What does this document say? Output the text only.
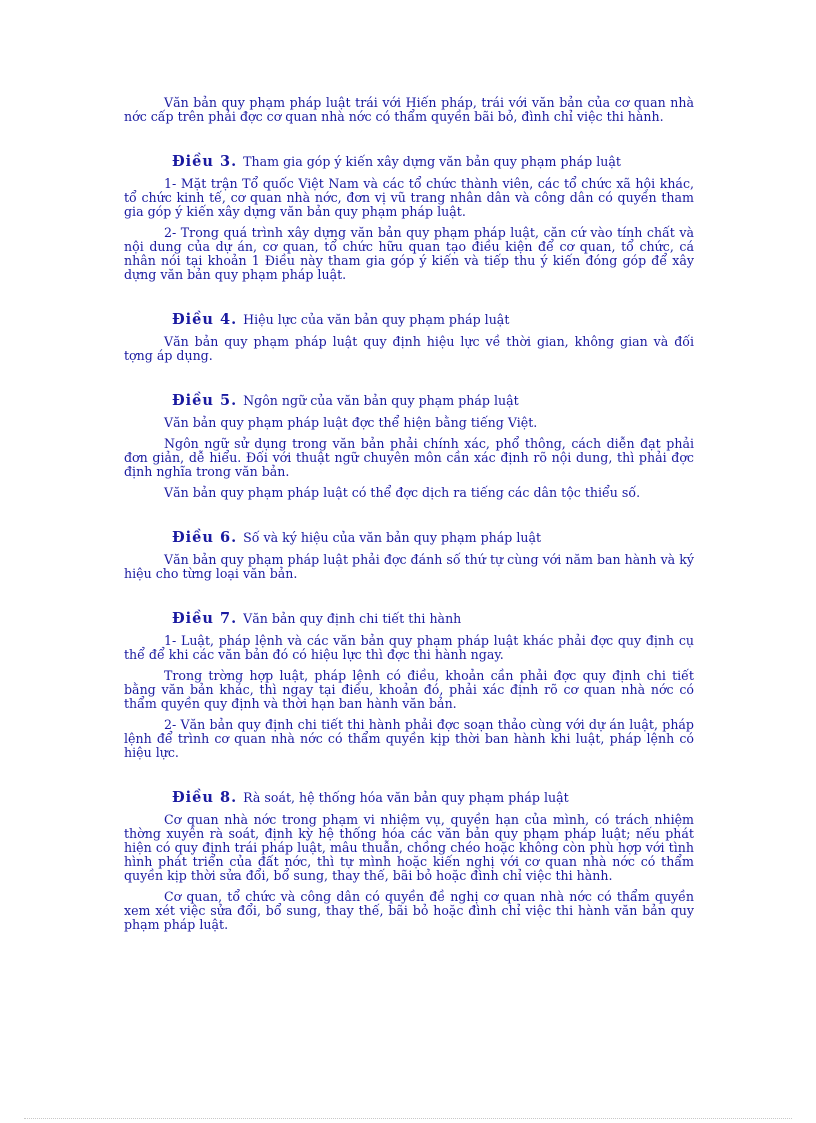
Văn bản quy phạm pháp luật trái với Hiến pháp, trái với văn bản của cơ quan nhà nớc cấp trên phải đợc cơ quan nhà nớc có thẩm quyền bãi bỏ, đình chỉ việc thi hành.

Điều 3. Tham gia góp ý kiến xây dựng văn bản quy phạm pháp luật

1- Mặt trận Tổ quốc Việt Nam và các tổ chức thành viên, các tổ chức xã hội khác, tổ chức kinh tế, cơ quan nhà nớc, đơn vị vũ trang nhân dân và công dân có quyền tham gia góp ý kiến xây dựng văn bản quy phạm pháp luật.

2- Trong quá trình xây dựng văn bản quy phạm pháp luật, căn cứ vào tính chất và nội dung của dự án, cơ quan, tổ chức hữu quan tạo điều kiện để cơ quan, tổ chức, cá nhân nói tại khoản 1 Điều này tham gia góp ý kiến và tiếp thu ý kiến đóng góp để xây dựng văn bản quy phạm pháp luật.

Điều 4. Hiệu lực của văn bản quy phạm pháp luật

Văn bản quy phạm pháp luật quy định hiệu lực về thời gian, không gian và đối tợng áp dụng.

Điều 5. Ngôn ngữ của văn bản quy phạm pháp luật

Văn bản quy phạm pháp luật đợc thể hiện bằng tiếng Việt.

Ngôn ngữ sử dụng trong văn bản phải chính xác, phổ thông, cách diễn đạt phải đơn giản, dễ hiểu. Đối với thuật ngữ chuyên môn cần xác định rõ nội dung, thì phải đợc định nghĩa trong văn bản.

Văn bản quy phạm pháp luật có thể đợc dịch ra tiếng các dân tộc thiểu số.

Điều 6. Số và ký hiệu của văn bản quy phạm pháp luật

Văn bản quy phạm pháp luật phải đợc đánh số thứ tự cùng với năm ban hành và ký hiệu cho từng loại văn bản.

Điều 7. Văn bản quy định chi tiết thi hành

1- Luật, pháp lệnh và các văn bản quy phạm pháp luật khác phải đợc quy định cụ thể để khi các văn bản đó có hiệu lực thì đợc thi hành ngay.

Trong trờng hợp luật, pháp lệnh có điều, khoản cần phải đợc quy định chi tiết bằng văn bản khác, thì ngay tại điều, khoản đó, phải xác định rõ cơ quan nhà nớc có thẩm quyền quy định và thời hạn ban hành văn bản.

2- Văn bản quy định chi tiết thi hành phải đợc soạn thảo cùng với dự án luật, pháp lệnh để trình cơ quan nhà nớc có thẩm quyền kịp thời ban hành khi luật, pháp lệnh có hiệu lực.

Điều 8. Rà soát, hệ thống hóa văn bản quy phạm pháp luật

Cơ quan nhà nớc trong phạm vi nhiệm vụ, quyền hạn của mình, có trách nhiệm thờng xuyên rà soát, định kỳ hệ thống hóa các văn bản quy phạm pháp luật; nếu phát hiện có quy định trái pháp luật, mâu thuẫn, chồng chéo hoặc không còn phù hợp với tình hình phát triển của đất nớc, thì tự mình hoặc kiến nghị với cơ quan nhà nớc có thẩm quyền kịp thời sửa đổi, bổ sung, thay thế, bãi bỏ hoặc đình chỉ việc thi hành.

Cơ quan, tổ chức và công dân có quyền đề nghị cơ quan nhà nớc có thẩm quyền xem xét việc sửa đổi, bổ sung, thay thế, bãi bỏ hoặc đình chỉ việc thi hành văn bản quy phạm pháp luật.
